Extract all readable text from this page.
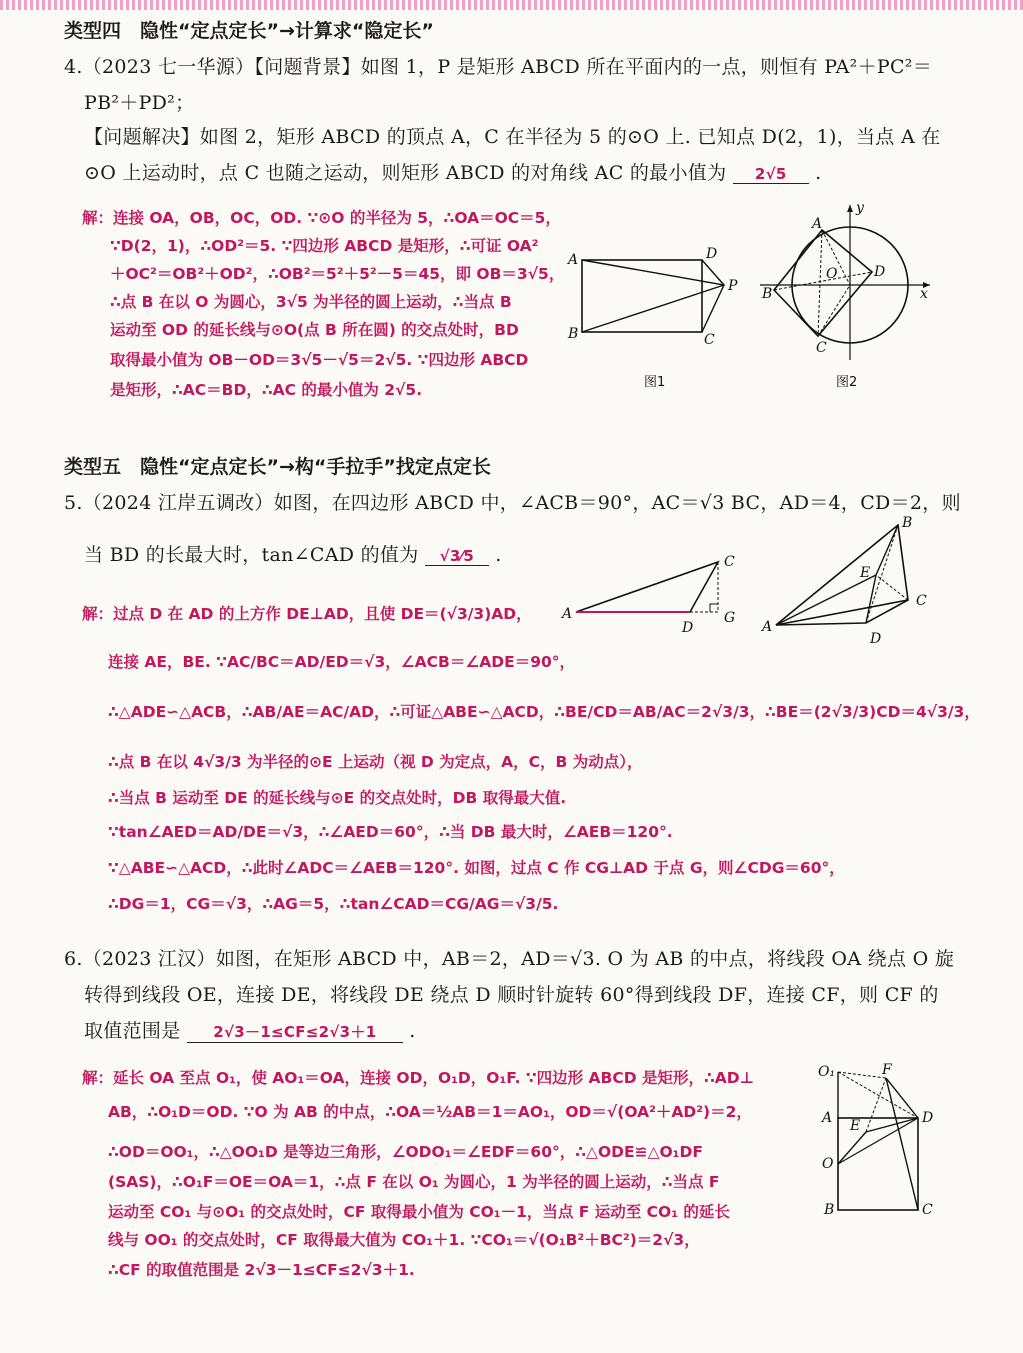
类型四　隐性“定点定长”→计算求“隐定长”
4.（2023 七一华源）【问题背景】如图 1，P 是矩形 ABCD 所在平面内的一点，则恒有 PA²＋PC²＝
PB²＋PD²；
【问题解决】如图 2，矩形 ABCD 的顶点 A，C 在半径为 5 的⊙O 上. 已知点 D(2，1)，当点 A 在
⊙O 上运动时，点 C 也随之运动，则矩形 ABCD 的对角线 AC 的最小值为 2√5 .
解：连接 OA，OB，OC，OD. ∵⊙O 的半径为 5，∴OA＝OC＝5，
∵D(2，1)，∴OD²＝5. ∵四边形 ABCD 是矩形，∴可证 OA²
＋OC²＝OB²＋OD²，∴OB²＝5²＋5²－5＝45，即 OB＝3√5，
∴点 B 在以 O 为圆心，3√5 为半径的圆上运动，∴当点 B
运动至 OD 的延长线与⊙O(点 B 所在圆) 的交点处时，BD
取得最小值为 OB－OD＝3√5－√5＝2√5. ∵四边形 ABCD
是矩形，∴AC＝BD，∴AC 的最小值为 2√5.
A
B	C
D
P
图1
A
B
C
D
O
x
y
图2
类型五　隐性“定点定长”→构“手拉手”找定点定长
5.（2024 江岸五调改）如图，在四边形 ABCD 中，∠ACB＝90°，AC＝√3 BC，AD＝4，CD＝2，则
当 BD 的长最大时，tan∠CAD 的值为 √3⁄5 .
解：过点 D 在 AD 的上方作 DE⊥AD，且使 DE＝(√3/3)AD，
连接 AE，BE. ∵AC/BC＝AD/ED＝√3，∠ACB＝∠ADE＝90°，
∴△ADE∽△ACB，∴AB/AE＝AC/AD，∴可证△ABE∽△ACD，∴BE/CD＝AB/AC＝2√3/3，∴BE＝(2√3/3)CD＝4√3/3，
∴点 B 在以 4√3/3 为半径的⊙E 上运动（视 D 为定点，A，C，B 为动点），
∴当点 B 运动至 DE 的延长线与⊙E 的交点处时，DB 取得最大值.
∵tan∠AED＝AD/DE＝√3，∴∠AED＝60°，∴当 DB 最大时，∠AEB＝120°.
∵△ABE∽△ACD，∴此时∠ADC＝∠AEB＝120°. 如图，过点 C 作 CG⊥AD 于点 G，则∠CDG＝60°，
∴DG＝1，CG＝√3，∴AG＝5，∴tan∠CAD＝CG/AG＝√3/5.
A
C
D
G
A
B
C
D
E
6.（2023 江汉）如图，在矩形 ABCD 中，AB＝2，AD＝√3. O 为 AB 的中点，将线段 OA 绕点 O 旋
转得到线段 OE，连接 DE，将线段 DE 绕点 D 顺时针旋转 60°得到线段 DF，连接 CF，则 CF 的
取值范围是 2√3－1≤CF≤2√3＋1 .
解：延长 OA 至点 O₁，使 AO₁＝OA，连接 OD，O₁D，O₁F. ∵四边形 ABCD 是矩形，∴AD⊥
AB，∴O₁D＝OD. ∵O 为 AB 的中点，∴OA＝½AB＝1＝AO₁，OD＝√(OA²＋AD²)＝2，
∴OD＝OO₁，∴△OO₁D 是等边三角形，∠ODO₁＝∠EDF＝60°，∴△ODE≌△O₁DF
(SAS)，∴O₁F＝OE＝OA＝1，∴点 F 在以 O₁ 为圆心，1 为半径的圆上运动，∴当点 F
运动至 CO₁ 与⊙O₁ 的交点处时，CF 取得最小值为 CO₁－1，当点 F 运动至 CO₁ 的延长
线与 OO₁ 的交点处时，CF 取得最大值为 CO₁＋1. ∵CO₁＝√(O₁B²＋BC²)＝2√3，
∴CF 的取值范围是 2√3－1≤CF≤2√3＋1.
O₁	F
A	D
E
O
B	C
